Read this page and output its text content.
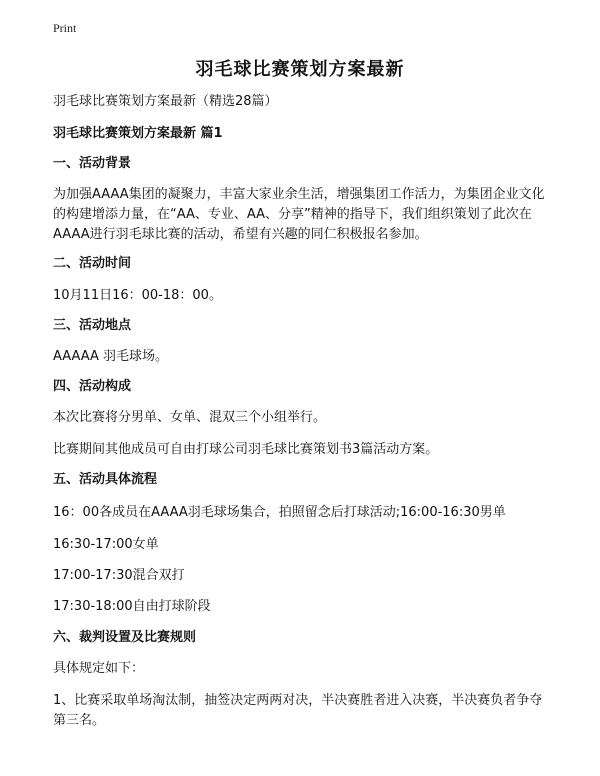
Print
羽毛球比赛策划方案最新
羽毛球比赛策划方案最新（精选28篇）
羽毛球比赛策划方案最新 篇1
一、活动背景
为加强AAAA集团的凝聚力，丰富大家业余生活，增强集团工作活力，为集团企业文化的构建增添力量，在“AA、专业、AA、分享”精神的指导下，我们组织策划了此次在AAAA进行羽毛球比赛的活动，希望有兴趣的同仁积极报名参加。
二、活动时间
10月11日16：00-18：00。
三、活动地点
AAAAA 羽毛球场。
四、活动构成
本次比赛将分男单、女单、混双三个小组举行。
比赛期间其他成员可自由打球公司羽毛球比赛策划书3篇活动方案。
五、活动具体流程
16：00各成员在AAAA羽毛球场集合，拍照留念后打球活动;16:00-16:30男单
16:30-17:00女单
17:00-17:30混合双打
17:30-18:00自由打球阶段
六、裁判设置及比赛规则
具体规定如下：
1、比赛采取单场淘汰制，抽签决定两两对决，半决赛胜者进入决赛，半决赛负者争夺第三名。
